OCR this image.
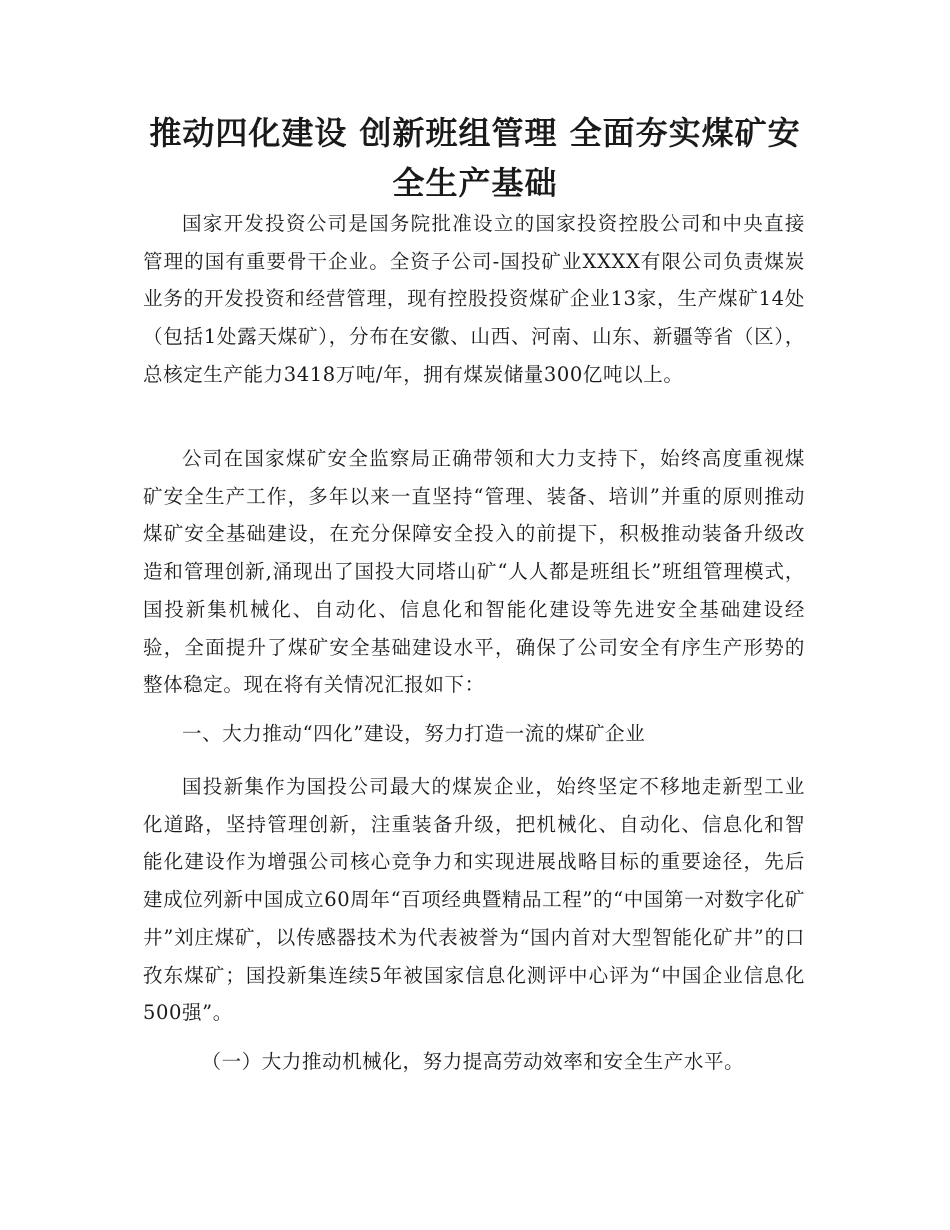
推动四化建设 创新班组管理 全面夯实煤矿安全生产基础

国家开发投资公司是国务院批准设立的国家投资控股公司和中央直接管理的国有重要骨干企业。全资子公司-国投矿业XXXX有限公司负责煤炭业务的开发投资和经营管理，现有控股投资煤矿企业13家，生产煤矿14处（包括1处露天煤矿），分布在安徽、山西、河南、山东、新疆等省（区），总核定生产能力3418万吨/年，拥有煤炭储量300亿吨以上。

公司在国家煤矿安全监察局正确带领和大力支持下，始终高度重视煤矿安全生产工作，多年以来一直坚持“管理、装备、培训”并重的原则推动煤矿安全基础建设，在充分保障安全投入的前提下，积极推动装备升级改造和管理创新,涌现出了国投大同塔山矿“人人都是班组长”班组管理模式，国投新集机械化、自动化、信息化和智能化建设等先进安全基础建设经验，全面提升了煤矿安全基础建设水平，确保了公司安全有序生产形势的整体稳定。现在将有关情况汇报如下：

一、大力推动“四化”建设，努力打造一流的煤矿企业

国投新集作为国投公司最大的煤炭企业，始终坚定不移地走新型工业化道路，坚持管理创新，注重装备升级，把机械化、自动化、信息化和智能化建设作为增强公司核心竞争力和实现进展战略目标的重要途径，先后建成位列新中国成立60周年“百项经典暨精品工程”的“中国第一对数字化矿井”刘庄煤矿，以传感器技术为代表被誉为“国内首对大型智能化矿井”的口孜东煤矿；国投新集连续5年被国家信息化测评中心评为“中国企业信息化500强”。

（一）大力推动机械化，努力提高劳动效率和安全生产水平。
